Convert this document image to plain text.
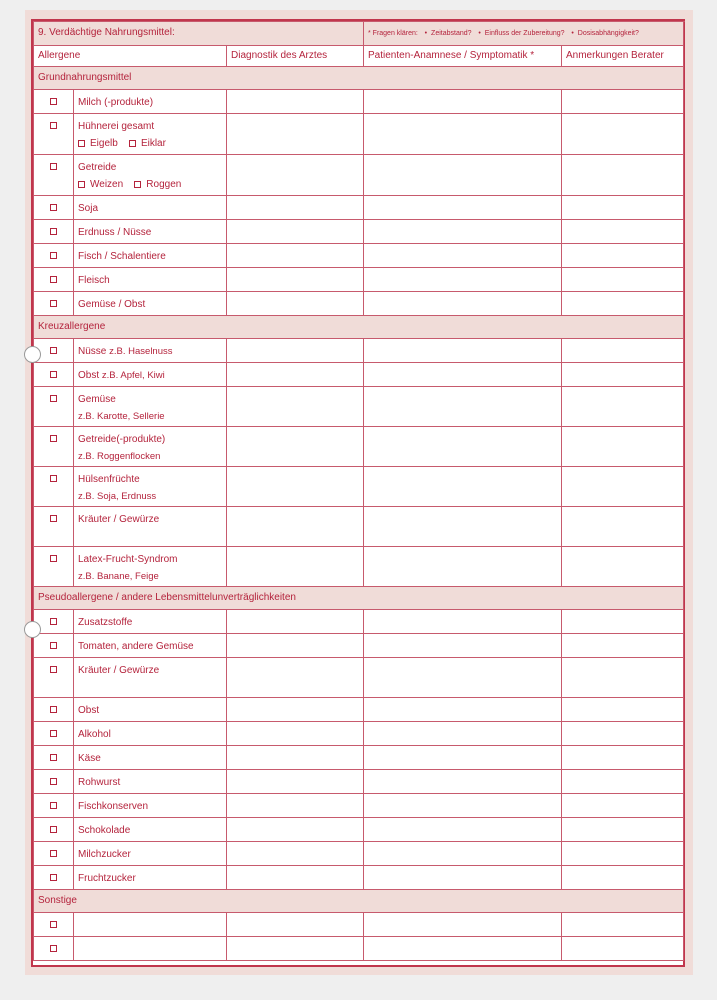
9. Verdächtige Nahrungsmittel:			* Fragen klären: • Zeitabstand? • Einfluss der Zubereitung? • Dosisabhängigkeit?	
Allergene		Diagnostik des Arztes	Patienten-Anamnese / Symptomatik *	Anmerkungen Berater
Grundnahrungsmittel				

	Milch (-produkte)			

	Hühnerei gesamt
Eigelb Eiklar			

	Getreide
Weizen Roggen			

	Soja			

	Erdnuss / Nüsse			

	Fisch / Schalentiere			

	Fleisch			

	Gemüse / Obst			

Kreuzallergene				

	Nüsse z.B. Haselnuss			

	Obst z.B. Apfel, Kiwi			

	Gemüse
z.B. Karotte, Sellerie			

	Getreide(-produkte)
z.B. Roggenflocken			

	Hülsenfrüchte
z.B. Soja, Erdnuss			

	Kräuter / Gewürze			

	Latex-Frucht-Syndrom
z.B. Banane, Feige			

Pseudoallergene / andere Lebensmittelunverträglichkeiten				

	Zusatzstoffe			

	Tomaten, andere Gemüse			

	Kräuter / Gewürze			

	Obst			

	Alkohol			

	Käse			

	Rohwurst			

	Fischkonserven			

	Schokolade			

	Milchzucker			

	Fruchtzucker			

Sonstige				
